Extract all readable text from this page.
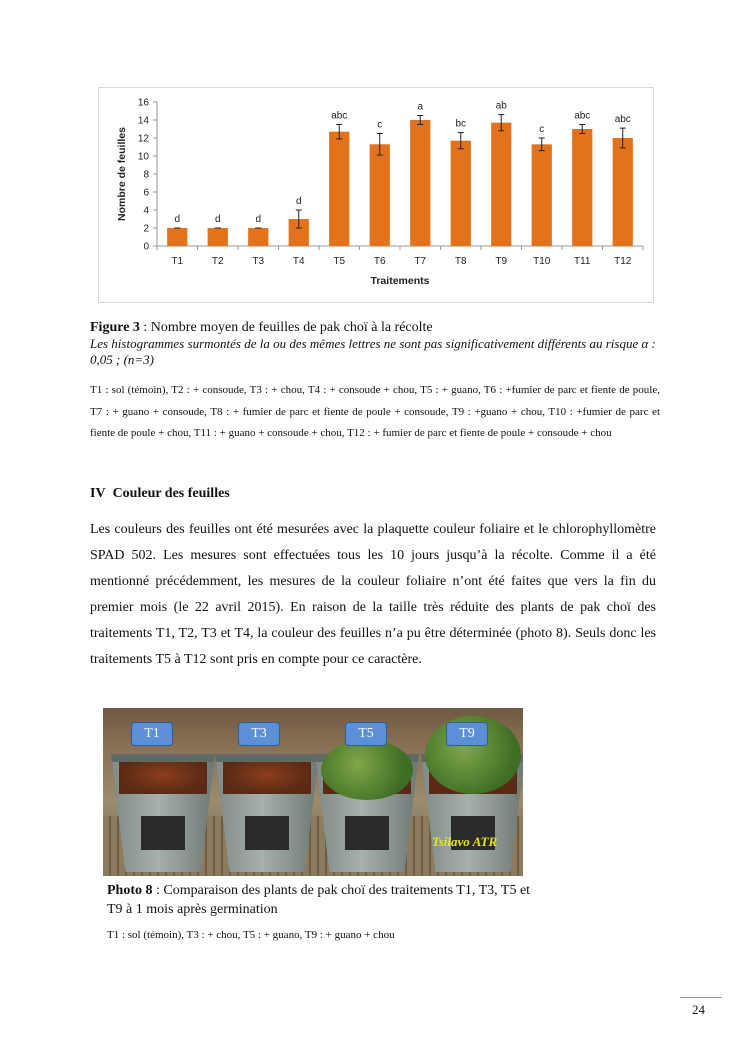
0
2
4
6
8
10
12
14
16
d
T1
d
T2
d
T3
d
T4
abc
T5
c
T6
a
T7
bc
T8
ab
T9
c
T10
abc
T11
abc
T12
Traitements
Nombre de feuilles
Figure 3 : Nombre moyen de feuilles de pak choï à la récolte
Les histogrammes surmontés de la ou des mêmes lettres ne sont pas significativement différents au risque α : 0,05 ; (n=3)
T1 : sol (témoin), T2 : + consoude, T3 : + chou, T4 : + consoude + chou, T5 : + guano, T6 : +fumier de parc et fiente de poule, T7 : + guano + consoude, T8 : + fumier de parc et fiente de poule + consoude, T9 : +guano + chou, T10 : +fumier de parc et fiente de poule + chou, T11 : + guano + consoude + chou, T12 : + fumier de parc et fiente de poule + consoude + chou
IV Couleur des feuilles
Les couleurs des feuilles ont été mesurées avec la plaquette couleur foliaire et le chlorophyllomètre SPAD 502. Les mesures sont effectuées tous les 10 jours jusqu’à la récolte. Comme il a été mentionné précédemment, les mesures de la couleur foliaire n’ont été faites que vers la fin du premier mois (le 22 avril 2015). En raison de la taille très réduite des plants de pak choï des traitements T1, T2, T3 et T4, la couleur des feuilles n’a pu être déterminée (photo 8). Seuls donc les traitements T5 à T12 sont pris en compte pour ce caractère.
T1	T3	T5	T9
Tsilavo ATR
Photo 8 : Comparaison des plants de pak choï des traitements T1, T3, T5 et T9 à 1 mois après germination
T1 : sol (témoin), T3 : + chou, T5 : + guano, T9 : + guano + chou
24
